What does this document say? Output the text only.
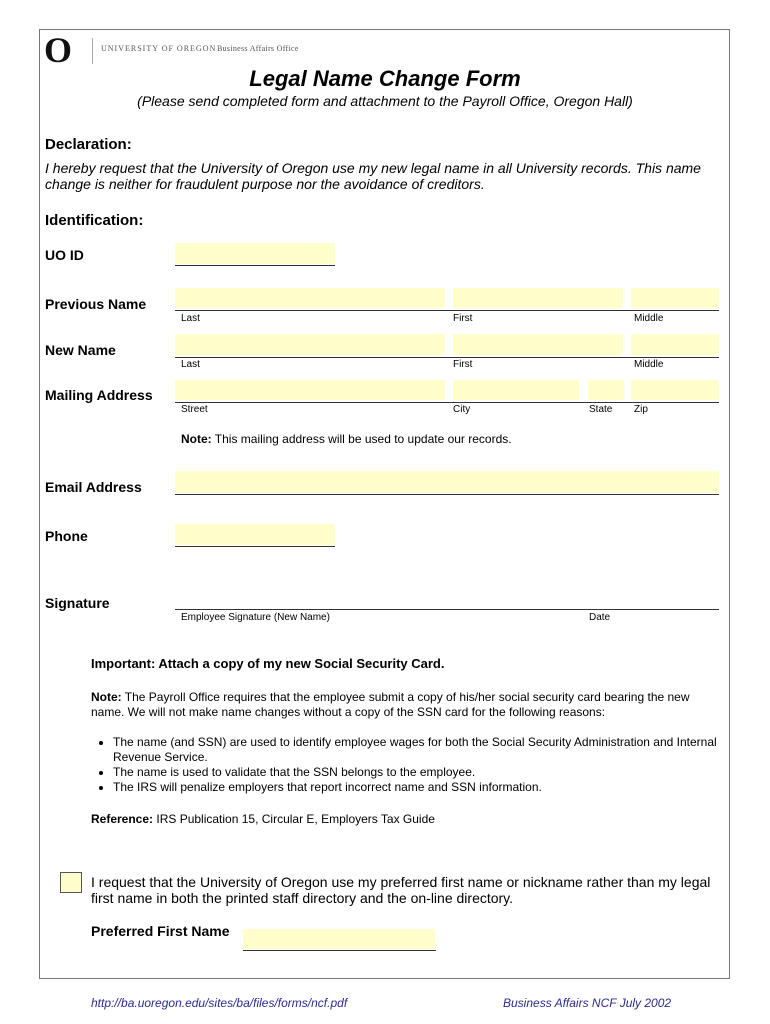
O	UNIVERSITY OF OREGON Business Affairs Office
Legal Name Change Form
(Please send completed form and attachment to the Payroll Office, Oregon Hall)
Declaration:
I hereby request that the University of Oregon use my new legal name in all University records. This name change is neither for fraudulent purpose nor the avoidance of creditors.
Identification:
UO ID
Previous Name
Last	First	Middle
New Name
Last	First	Middle
Mailing Address
Street	City	State Zip
Note: This mailing address will be used to update our records.
Email Address
Phone
Signature
Employee Signature (New Name)	Date
Important: Attach a copy of my new Social Security Card.
Note: The Payroll Office requires that the employee submit a copy of his/her social security card bearing the new name. We will not make name changes without a copy of the SSN card for the following reasons:
• The name (and SSN) are used to identify employee wages for both the Social Security Administration and Internal Revenue Service.
• The name is used to validate that the SSN belongs to the employee.
• The IRS will penalize employers that report incorrect name and SSN information.
Reference: IRS Publication 15, Circular E, Employers Tax Guide
I request that the University of Oregon use my preferred first name or nickname rather than my legal first name in both the printed staff directory and the on-line directory.
Preferred First Name
http://ba.uoregon.edu/sites/ba/files/forms/ncf.pdf	Business Affairs NCF July 2002
